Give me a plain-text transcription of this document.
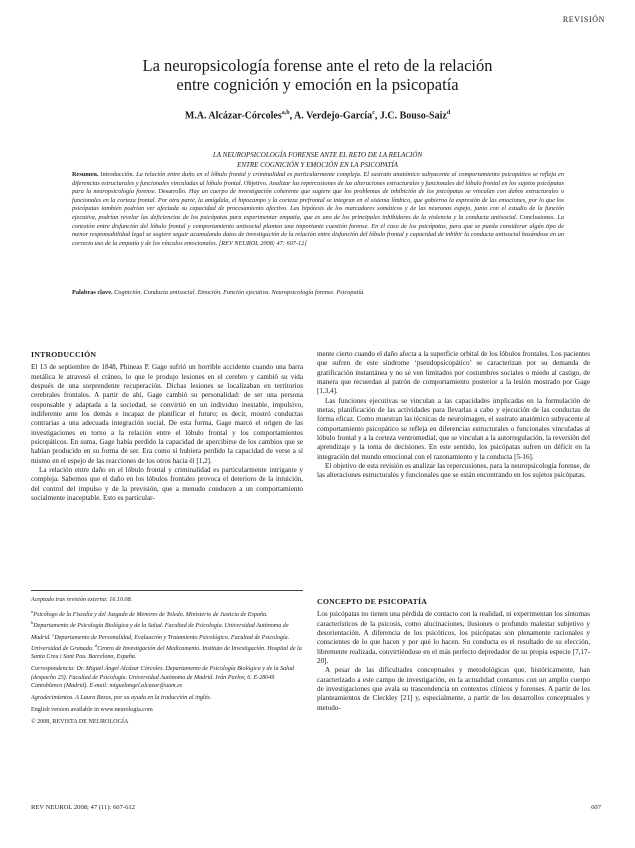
REVISIÓN
La neuropsicología forense ante el reto de la relación
entre cognición y emoción en la psicopatía
M.A. Alcázar-Córcoles$^{a,b}$, A. Verdejo-García$^c$, J.C. Bouso-Saiz$^d$
LA NEUROPSICOLOGÍA FORENSE ANTE EL RETO DE LA RELACIÓN
ENTRE COGNICIÓN Y EMOCIÓN EN LA PSICOPATÍA
Resumen. Introducción. La relación entre daño en el lóbulo frontal y criminalidad es particularmente compleja. El sustrato anatómico subyacente al comportamiento psicopático se refleja en diferencias estructurales y funcionales vinculadas al lóbulo frontal. Objetivo. Analizar las repercusiones de las alteraciones estructurales y funcionales del lóbulo frontal en los sujetos psicópatas para la neuropsicología forense. Desarrollo. Hay un cuerpo de investigación coherente que sugiere que los problemas de inhibición de los psicópatas se vinculan con daños estructurales o funcionales en la corteza frontal. Por otra parte, la amígdala, el hipocampo y la corteza prefrontal se integran en el sistema límbico, que gobierna la expresión de las emociones, por lo que los psicópatas también podrían ver afectada su capacidad de procesamiento afectivo. Las hipótesis de los marcadores somáticos y de las neuronas espejo, junto con el estudio de la función ejecutiva, podrían revelar las deficiencias de los psicópatas para experimentar empatía, que es uno de los principales inhibidores de la violencia y la conducta antisocial. Conclusiones. La conexión entre disfunción del lóbulo frontal y comportamiento antisocial plantea una importante cuestión forense. En el caso de los psicópatas, para que se pueda considerar algún tipo de menor responsabilidad legal se sugiere seguir acumulando datos de investigación de la relación entre disfunción del lóbulo frontal y capacidad de inhibir la conducta antisocial basándose en un correcto uso de la empatía y de los vínculos emocionales. [REV NEUROL 2008; 47: 607-12]
Palabras clave. Cognición. Conducta antisocial. Emoción. Función ejecutiva. Neuropsicología forense. Psicopatía.
INTRODUCCIÓN

El 13 de septiembre de 1848, Phineas P. Gage sufrió un horrible accidente cuando una barra metálica le atravesó el cráneo, lo que le produjo lesiones en el cerebro y cambió su vida después de una sorprendente recuperación. Dichas lesiones se localizaban en territorios cerebrales frontales. A partir de ahí, Gage cambió su personalidad: de ser una persona responsable y adaptada a la sociedad, se convirtió en un individuo inestable, impulsivo, indiferente ante los demás e incapaz de planificar el futuro; es decir, mostró conductas contrarias a una adecuada integración social. De esta forma, Gage marcó el origen de las investigaciones en torno a la relación entre el lóbulo frontal y los comportamientos psicopáticos. En suma, Gage había perdido la capacidad de apercibirse de los cambios que se habían producido en su forma de ser. Era como si hubiera perdido la capacidad de verse a sí mismo en el espejo de las reacciones de los otros hacia él [1,2].

La relación entre daño en el lóbulo frontal y criminalidad es particularmente intrigante y compleja. Sabemos que el daño en los lóbulos frontales provoca el deterioro de la intuición, del control del impulso y de la previsión, que a menudo conducen a un comportamiento socialmente inaceptable. Esto es particular-

mente cierto cuando el daño afecta a la superficie orbital de los lóbulos frontales. Los pacientes que sufren de este síndrome ‘pseudopsicopático’ se caracterizan por su demanda de gratificación instantánea y no se ven limitados por costumbres sociales o miedo al castigo, de manera que recuerdan al patrón de comportamiento posterior a la lesión mostrado por Gage [1,3,4].

Las funciones ejecutivas se vinculan a las capacidades implicadas en la formulación de metas, planificación de las actividades para llevarlas a cabo y ejecución de las conductas de forma eficaz. Como muestran las técnicas de neuroimagen, el sustrato anatómico subyacente al comportamiento psicopático se refleja en diferencias estructurales o funcionales vinculadas al lóbulo frontal y a la corteza ventromedial, que se vinculan a la autorregulación, la reversión del aprendizaje y la toma de decisiones. En este sentido, los psicópatas sufren un déficit en la integración del mundo emocional con el razonamiento y la conducta [5-16].

El objetivo de esta revisión es analizar las repercusiones, para la neuropsicología forense, de las alteraciones estructurales y funcionales que se están encontrando en los sujetos psicópatas.

CONCEPTO DE PSICOPATÍA

Los psicópatas no tienen una pérdida de contacto con la realidad, ni experimentan los síntomas característicos de la psicosis, como alucinaciones, ilusiones o profundo malestar subjetivo y desorientación. A diferencia de los psicóticos, los psicópatas son plenamente racionales y conscientes de lo que hacen y por qué lo hacen. Su conducta es el resultado de su elección, libremente realizada, convirtiéndose en el más perfecto depredador de su propia especie [7,17-20].

A pesar de las dificultades conceptuales y metodológicas que, históricamente, han caracterizado a este campo de investigación, en la actualidad contamos con un amplio cuerpo de investigaciones que avala su trascendencia en contextos clínicos y forenses. A partir de los planteamientos de Cleckley [21] y, especialmente, a partir de los desarrollos conceptuales y metodo-

Aceptado tras revisión externa: 16.10.08.

$^a$Psicólogo de la Fiscalía y del Juzgado de Menores de Toledo. Ministerio de Justicia de España. $^b$Departamento de Psicología Biológica y de la Salud. Facultad de Psicología. Universidad Autónoma de Madrid. $^c$Departamento de Personalidad, Evaluación y Tratamiento Psicológico. Facultad de Psicología. Universidad de Granada. $^d$Centro de Investigación del Medicamento. Instituto de Investigación. Hospital de la Santa Creu i Sant Pau. Barcelona, España.

Correspondencia: Dr. Miguel Ángel Alcázar Córcoles. Departamento de Psicología Biológica y de la Salud (despacho 23). Facultad de Psicología. Universidad Autónoma de Madrid. Iván Pavlov, 6. E-28049 Cantoblanco (Madrid). E-mail: miguelangel.alcazar@uam.es

Agradecimientos. A Laura Bezos, por su ayuda en la traducción al inglés.

English version available in www.neurologia.com

© 2008, REVISTA DE NEUROLOGÍA

REV NEUROL 2008; 47 (11): 607-612	607
